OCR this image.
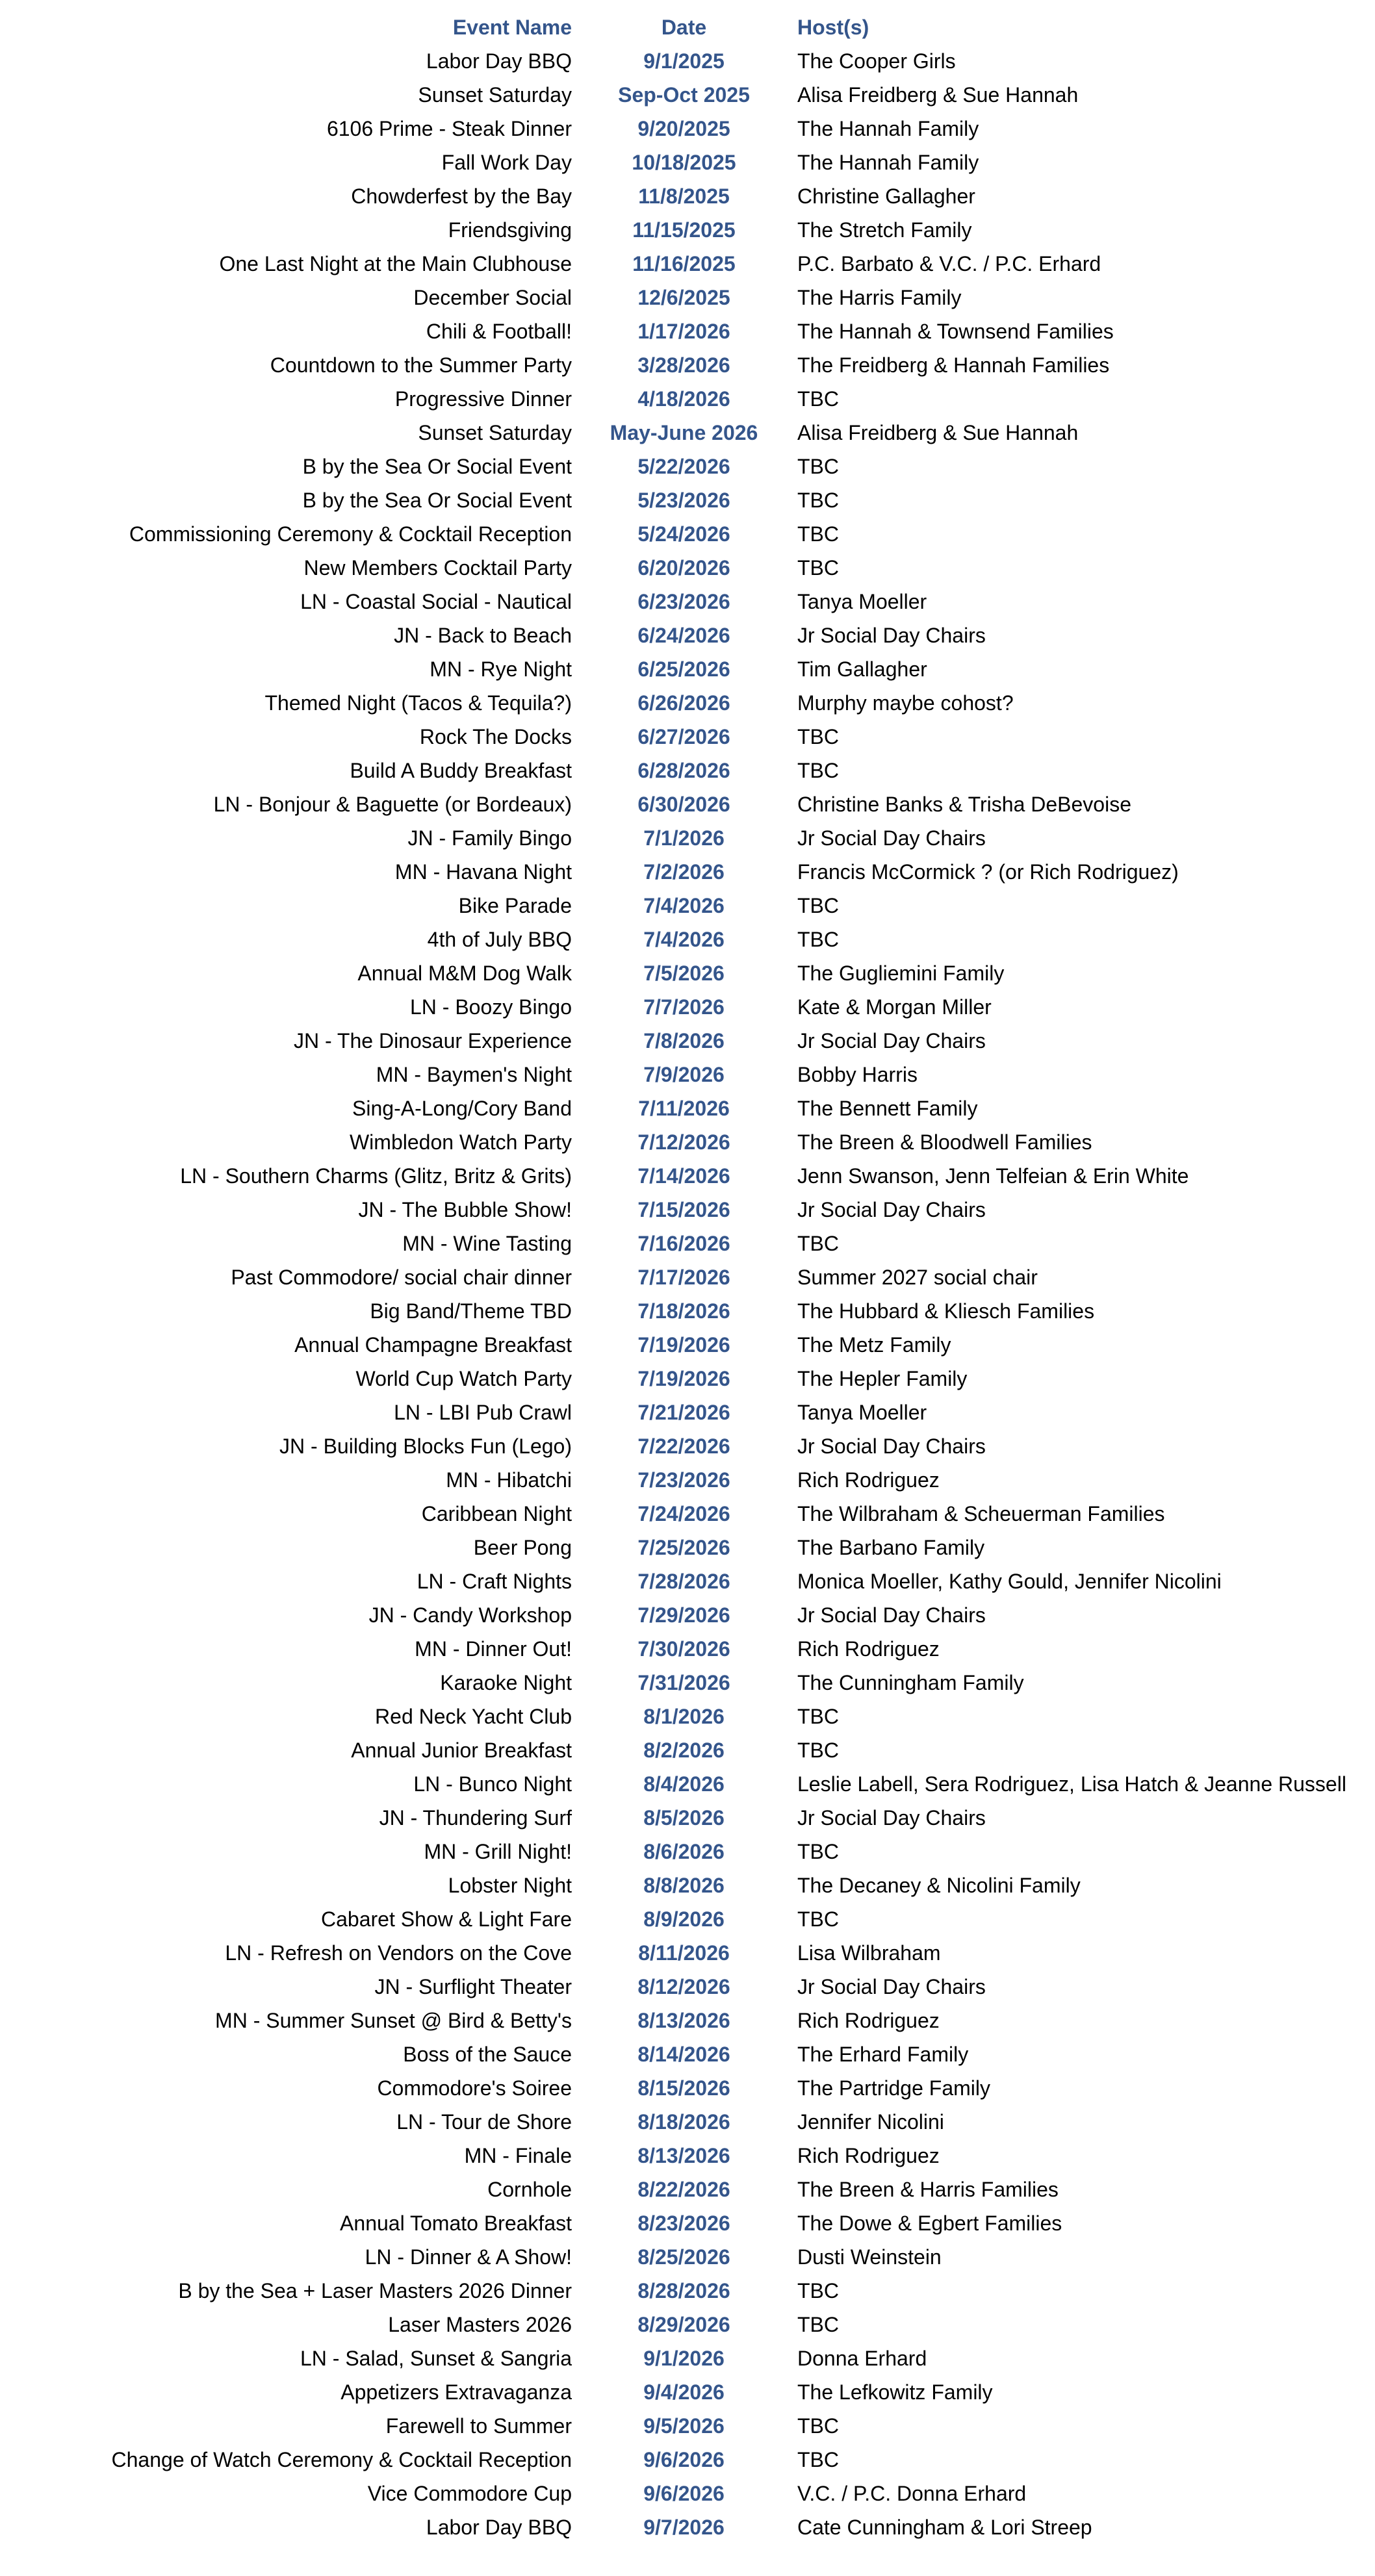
Event Name	Date	Host(s)
Labor Day BBQ	9/1/2025	The Cooper Girls
Sunset Saturday	Sep-Oct 2025	Alisa Freidberg & Sue Hannah
6106 Prime - Steak Dinner	9/20/2025	The Hannah Family
Fall Work Day	10/18/2025	The Hannah Family
Chowderfest by the Bay	11/8/2025	Christine Gallagher
Friendsgiving	11/15/2025	The Stretch Family
One Last Night at the Main Clubhouse	11/16/2025	P.C. Barbato & V.C. / P.C. Erhard
December Social	12/6/2025	The Harris Family
Chili & Football!	1/17/2026	The Hannah & Townsend Families
Countdown to the Summer Party	3/28/2026	The Freidberg & Hannah Families
Progressive Dinner	4/18/2026	TBC
Sunset Saturday	May-June 2026	Alisa Freidberg & Sue Hannah
B by the Sea Or Social Event	5/22/2026	TBC
B by the Sea Or Social Event	5/23/2026	TBC
Commissioning Ceremony & Cocktail Reception	5/24/2026	TBC
New Members Cocktail Party	6/20/2026	TBC
LN - Coastal Social - Nautical	6/23/2026	Tanya Moeller
JN - Back to Beach	6/24/2026	Jr Social Day Chairs
MN - Rye Night	6/25/2026	Tim Gallagher
Themed Night (Tacos & Tequila?)	6/26/2026	Murphy maybe cohost?
Rock The Docks	6/27/2026	TBC
Build A Buddy Breakfast	6/28/2026	TBC
LN - Bonjour & Baguette (or Bordeaux)	6/30/2026	Christine Banks & Trisha DeBevoise
JN - Family Bingo	7/1/2026	Jr Social Day Chairs
MN - Havana Night	7/2/2026	Francis McCormick ? (or Rich Rodriguez)
Bike Parade	7/4/2026	TBC
4th of July BBQ	7/4/2026	TBC
Annual M&M Dog Walk	7/5/2026	The Gugliemini Family
LN - Boozy Bingo	7/7/2026	Kate & Morgan Miller
JN - The Dinosaur Experience	7/8/2026	Jr Social Day Chairs
MN - Baymen's Night	7/9/2026	Bobby Harris
Sing-A-Long/Cory Band	7/11/2026	The Bennett Family
Wimbledon Watch Party	7/12/2026	The Breen & Bloodwell Families
LN - Southern Charms (Glitz, Britz & Grits)	7/14/2026	Jenn Swanson, Jenn Telfeian & Erin White
JN - The Bubble Show!	7/15/2026	Jr Social Day Chairs
MN - Wine Tasting	7/16/2026	TBC
Past Commodore/ social chair dinner	7/17/2026	Summer 2027 social chair
Big Band/Theme TBD	7/18/2026	The Hubbard & Kliesch Families
Annual Champagne Breakfast	7/19/2026	The Metz Family
World Cup Watch Party	7/19/2026	The Hepler Family
LN - LBI Pub Crawl	7/21/2026	Tanya Moeller
JN - Building Blocks Fun (Lego)	7/22/2026	Jr Social Day Chairs
MN - Hibatchi	7/23/2026	Rich Rodriguez
Caribbean Night	7/24/2026	The Wilbraham & Scheuerman Families
Beer Pong	7/25/2026	The Barbano Family
LN - Craft Nights	7/28/2026	Monica Moeller, Kathy Gould, Jennifer Nicolini
JN - Candy Workshop	7/29/2026	Jr Social Day Chairs
MN - Dinner Out!	7/30/2026	Rich Rodriguez
Karaoke Night	7/31/2026	The Cunningham Family
Red Neck Yacht Club	8/1/2026	TBC
Annual Junior Breakfast	8/2/2026	TBC
LN - Bunco Night	8/4/2026	Leslie Labell, Sera Rodriguez, Lisa Hatch & Jeanne Russell
JN - Thundering Surf	8/5/2026	Jr Social Day Chairs
MN - Grill Night!	8/6/2026	TBC
Lobster Night	8/8/2026	The Decaney & Nicolini Family
Cabaret Show & Light Fare	8/9/2026	TBC
LN - Refresh on Vendors on the Cove	8/11/2026	Lisa Wilbraham
JN - Surflight Theater	8/12/2026	Jr Social Day Chairs
MN - Summer Sunset @ Bird & Betty's	8/13/2026	Rich Rodriguez
Boss of the Sauce	8/14/2026	The Erhard Family
Commodore's Soiree	8/15/2026	The Partridge Family
LN - Tour de Shore	8/18/2026	Jennifer Nicolini
MN - Finale	8/13/2026	Rich Rodriguez
Cornhole	8/22/2026	The Breen & Harris Families
Annual Tomato Breakfast	8/23/2026	The Dowe & Egbert Families
LN - Dinner & A Show!	8/25/2026	Dusti Weinstein
B by the Sea + Laser Masters 2026 Dinner	8/28/2026	TBC
Laser Masters 2026	8/29/2026	TBC
LN - Salad, Sunset & Sangria	9/1/2026	Donna Erhard
Appetizers Extravaganza	9/4/2026	The Lefkowitz Family
Farewell to Summer	9/5/2026	TBC
Change of Watch Ceremony & Cocktail Reception	9/6/2026	TBC
Vice Commodore Cup	9/6/2026	V.C. / P.C. Donna Erhard
Labor Day BBQ	9/7/2026	Cate Cunningham & Lori Streep
